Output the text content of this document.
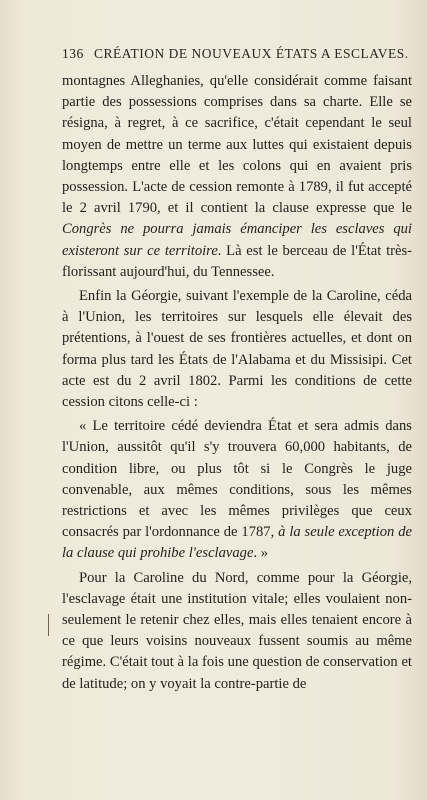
136 CRÉATION DE NOUVEAUX ÉTATS A ESCLAVES.

montagnes Alleghanies, qu'elle considérait comme faisant partie des possessions comprises dans sa charte. Elle se résigna, à regret, à ce sacrifice, c'était cependant le seul moyen de mettre un terme aux luttes qui existaient depuis longtemps entre elle et les colons qui en avaient pris possession. L'acte de cession remonte à 1789, il fut accepté le 2 avril 1790, et il contient la clause expresse que le Congrès ne pourra jamais émanciper les esclaves qui existeront sur ce territoire. Là est le berceau de l'État très-florissant aujourd'hui, du Tennessee.

Enfin la Géorgie, suivant l'exemple de la Caroline, céda à l'Union, les territoires sur lesquels elle élevait des prétentions, à l'ouest de ses frontières actuelles, et dont on forma plus tard les États de l'Alabama et du Missisipi. Cet acte est du 2 avril 1802. Parmi les conditions de cette cession citons celle-ci :

« Le territoire cédé deviendra État et sera admis dans l'Union, aussitôt qu'il s'y trouvera 60,000 habitants, de condition libre, ou plus tôt si le Congrès le juge convenable, aux mêmes conditions, sous les mêmes restrictions et avec les mêmes privilèges que ceux consacrés par l'ordonnance de 1787, à la seule exception de la clause qui prohibe l'esclavage. »

Pour la Caroline du Nord, comme pour la Géorgie, l'esclavage était une institution vitale; elles voulaient non-seulement le retenir chez elles, mais elles tenaient encore à ce que leurs voisins nouveaux fussent soumis au même régime. C'était tout à la fois une question de conservation et de latitude; on y voyait la contre-partie de
